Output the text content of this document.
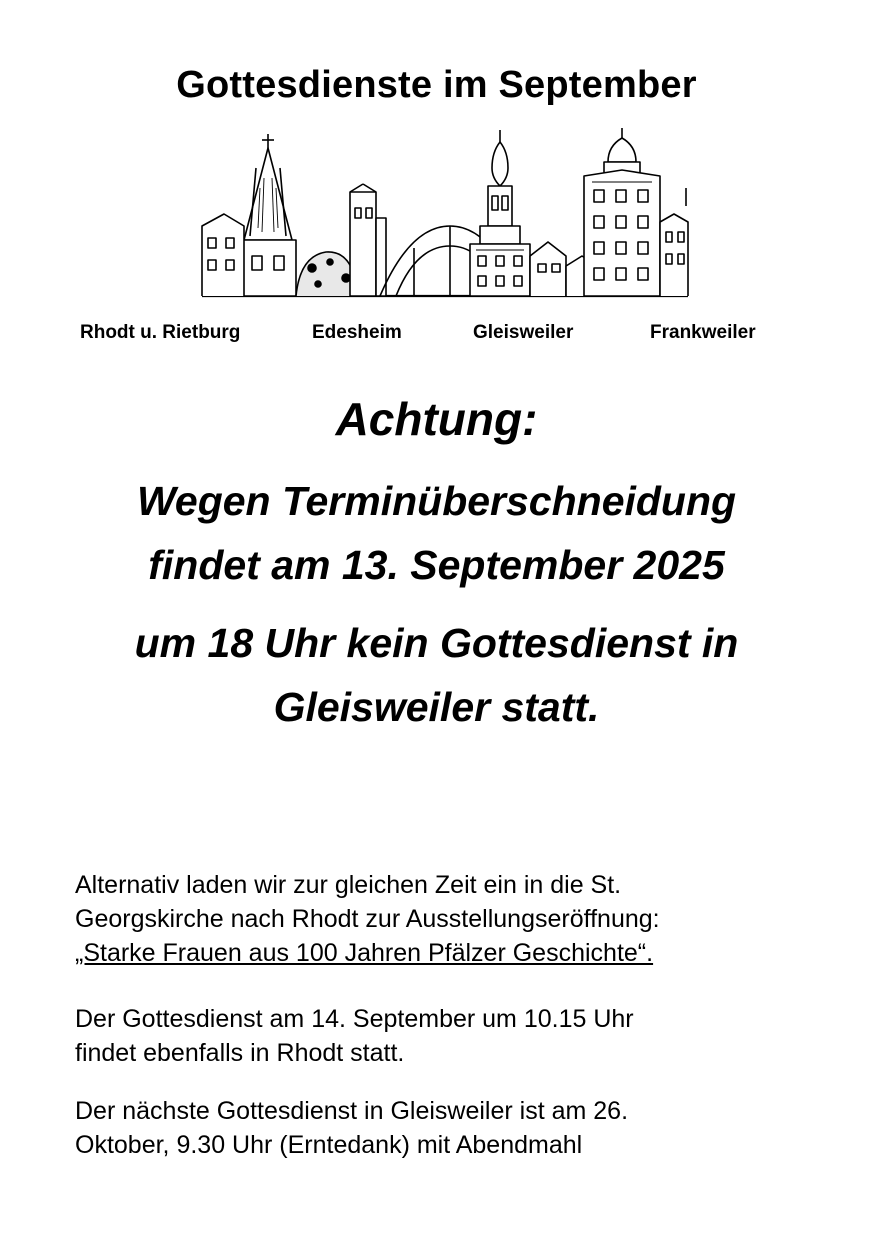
Gottesdienste im September
Rhodt u. Rietburg	Edesheim	Gleisweiler	Frankweiler
Achtung:
Wegen Terminüberschneidung
findet am 13. September 2025
um 18 Uhr kein Gottesdienst in
Gleisweiler statt.
Alternativ laden wir zur gleichen Zeit ein in die St.
Georgskirche nach Rhodt zur Ausstellungseröffnung:
„Starke Frauen aus 100 Jahren Pfälzer Geschichte“.
Der Gottesdienst am 14. September um 10.15 Uhr
findet ebenfalls in Rhodt statt.
Der nächste Gottesdienst in Gleisweiler ist am 26.
Oktober, 9.30 Uhr (Erntedank) mit Abendmahl
